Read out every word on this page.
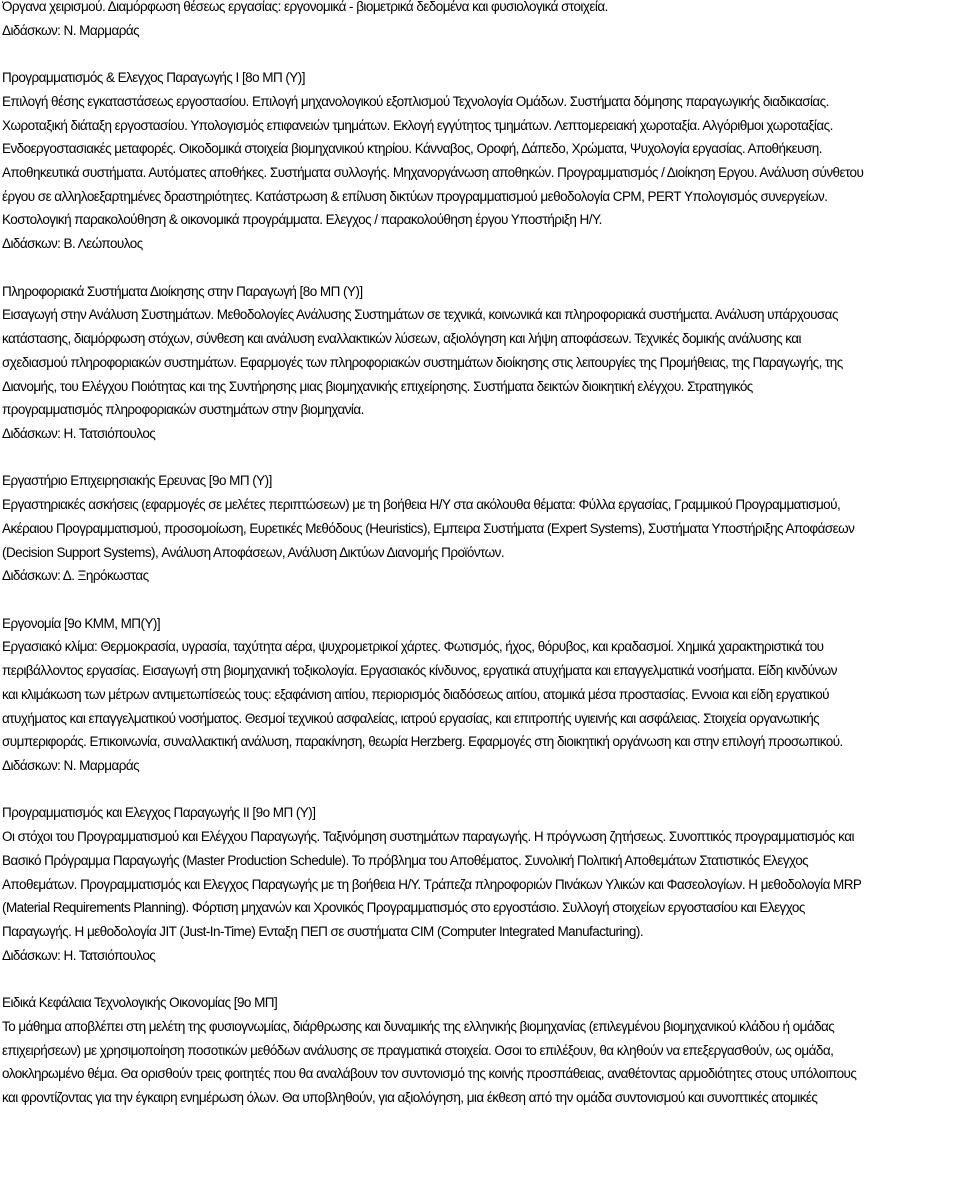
Όργανα χειρισμού. Διαμόρφωση θέσεως εργασίας: εργονομικά - βιομετρικά δεδομένα και φυσιολογικά στοιχεία.
Διδάσκων: Ν. Μαρμαράς
Προγραμματισμός & Ελεγχος Παραγωγής Ι [8ο ΜΠ (Υ)]
Επιλογή θέσης εγκαταστάσεως εργοστασίου. Επιλογή μηχανολογικού εξοπλισμού Τεχνολογία Ομάδων. Συστήματα δόμησης παραγωγικής διαδικασίας.
Χωροταξική διάταξη εργοστασίου. Υπολογισμός επιφανειών τμημάτων. Εκλογή εγγύτητος τμημάτων. Λεπτομερειακή χωροταξία. Αλγόριθμοι χωροταξίας.
Ενδοεργοστασιακές μεταφορές. Οικοδομικά στοιχεία βιομηχανικού κτηρίου. Κάνναβος, Οροφή, Δάπεδο, Χρώματα, Ψυχολογία εργασίας. Αποθήκευση.
Αποθηκευτικά συστήματα. Αυτόματες αποθήκες. Συστήματα συλλογής. Μηχανοργάνωση αποθηκών. Προγραμματισμός / Διοίκηση Εργου. Ανάλυση σύνθετου
έργου σε αλληλοεξαρτημένες δραστηριότητες. Κατάστρωση & επίλυση δικτύων προγραμματισμού μεθοδολογία CPM, PERT Υπολογισμός συνεργείων.
Κοστολογική παρακολούθηση & οικονομικά προγράμματα. Ελεγχος / παρακολούθηση έργου Υποστήριξη Η/Υ.
Διδάσκων: Β. Λεώπουλος
Πληροφοριακά Συστήματα Διοίκησης στην Παραγωγή [8ο ΜΠ (Υ)]
Εισαγωγή στην Ανάλυση Συστημάτων. Μεθοδολογίες Ανάλυσης Συστημάτων σε τεχνικά, κοινωνικά και πληροφοριακά συστήματα. Ανάλυση υπάρχουσας
κατάστασης, διαμόρφωση στόχων, σύνθεση και ανάλυση εναλλακτικών λύσεων, αξιολόγηση και λήψη αποφάσεων. Τεχνικές δομικής ανάλυσης και
σχεδιασμού πληροφοριακών συστημάτων. Εφαρμογές των πληροφοριακών συστημάτων διοίκησης στις λειτουργίες της Προμήθειας, της Παραγωγής, της
Διανομής, του Ελέγχου Ποιότητας και της Συντήρησης μιας βιομηχανικής επιχείρησης. Συστήματα δεικτών διοικητική ελέγχου. Στρατηγικός
προγραμματισμός πληροφοριακών συστημάτων στην βιομηχανία.
Διδάσκων: Η. Τατσιόπουλος
Εργαστήριο Επιχειρησιακής Ερευνας [9ο ΜΠ (Υ)]
Εργαστηριακές ασκήσεις (εφαρμογές σε μελέτες περιπτώσεων) με τη βοήθεια Η/Υ στα ακόλουθα θέματα: Φύλλα εργασίας, Γραμμικού Προγραμματισμού,
Ακέραιου Προγραμματισμού, προσομοίωση, Ευρετικές Μεθόδους (Heuristics), Εμπειρα Συστήματα (Expert Systems), Συστήματα Υποστήριξης Αποφάσεων
(Decision Support Systems), Ανάλυση Αποφάσεων, Ανάλυση Δικτύων Διανομής Προϊόντων.
Διδάσκων: Δ. Ξηρόκωστας
Εργονομία [9ο ΚΜΜ, ΜΠ(Υ)]
Εργασιακό κλίμα: Θερμοκρασία, υγρασία, ταχύτητα αέρα, ψυχρομετρικοί χάρτες. Φωτισμός, ήχος, θόρυβος, και κραδασμοί. Χημικά χαρακτηριστικά του
περιβάλλοντος εργασίας. Εισαγωγή στη βιομηχανική τοξικολογία. Εργασιακός κίνδυνος, εργατικά ατυχήματα και επαγγελματικά νοσήματα. Είδη κινδύνων
και κλιμάκωση των μέτρων αντιμετωπίσεώς τους: εξαφάνιση αιτίου, περιορισμός διαδόσεως αιτίου, ατομικά μέσα προστασίας. Εννοια και είδη εργατικού
ατυχήματος και επαγγελματικού νοσήματος. Θεσμοί τεχνικού ασφαλείας, ιατρού εργασίας, και επιτροπής υγιεινής και ασφάλειας. Στοιχεία οργανωτικής
συμπεριφοράς. Επικοινωνία, συναλλακτική ανάλυση, παρακίνηση, θεωρία Herzberg. Εφαρμογές στη διοικητική οργάνωση και στην επιλογή προσωπικού.
Διδάσκων: Ν. Μαρμαράς
Προγραμματισμός και Ελεγχος Παραγωγής ΙΙ [9ο ΜΠ (Υ)]
Οι στόχοι του Προγραμματισμού και Ελέγχου Παραγωγής. Ταξινόμηση συστημάτων παραγωγής. Η πρόγνωση ζητήσεως. Συνοπτικός προγραμματισμός και
Βασικό Πρόγραμμα Παραγωγής (Master Production Schedule). Το πρόβλημα του Αποθέματος. Συνολική Πολιτική Αποθεμάτων Στατιστικός Ελεγχος
Αποθεμάτων. Προγραμματισμός και Ελεγχος Παραγωγής με τη βοήθεια Η/Υ. Τράπεζα πληροφοριών Πινάκων Υλικών και Φασεολογίων. Η μεθοδολογία MRP
(Material Requirements Planning). Φόρτιση μηχανών και Χρονικός Προγραμματισμός στο εργοστάσιο. Συλλογή στοιχείων εργοστασίου και Ελεγχος
Παραγωγής. Η μεθοδολογία JIT (Just-In-Time) Ενταξη ΠΕΠ σε συστήματα CIM (Computer Integrated Manufacturing).
Διδάσκων: Η. Τατσιόπουλος
Ειδικά Κεφάλαια Τεχνολογικής Οικονομίας [9ο ΜΠ]
Το μάθημα αποβλέπει στη μελέτη της φυσιογνωμίας, διάρθρωσης και δυναμικής της ελληνικής βιομηχανίας (επιλεγμένου βιομηχανικού κλάδου ή ομάδας
επιχειρήσεων) με χρησιμοποίηση ποσοτικών μεθόδων ανάλυσης σε πραγματικά στοιχεία. Οσοι το επιλέξουν, θα κληθούν να επεξεργασθούν, ως ομάδα,
ολοκληρωμένο θέμα. Θα ορισθούν τρεις φοιτητές που θα αναλάβουν τον συντονισμό της κοινής προσπάθειας, αναθέτοντας αρμοδιότητες στους υπόλοιπους
και φροντίζοντας για την έγκαιρη ενημέρωση όλων. Θα υποβληθούν, για αξιολόγηση, μια έκθεση από την ομάδα συντονισμού και συνοπτικές ατομικές
